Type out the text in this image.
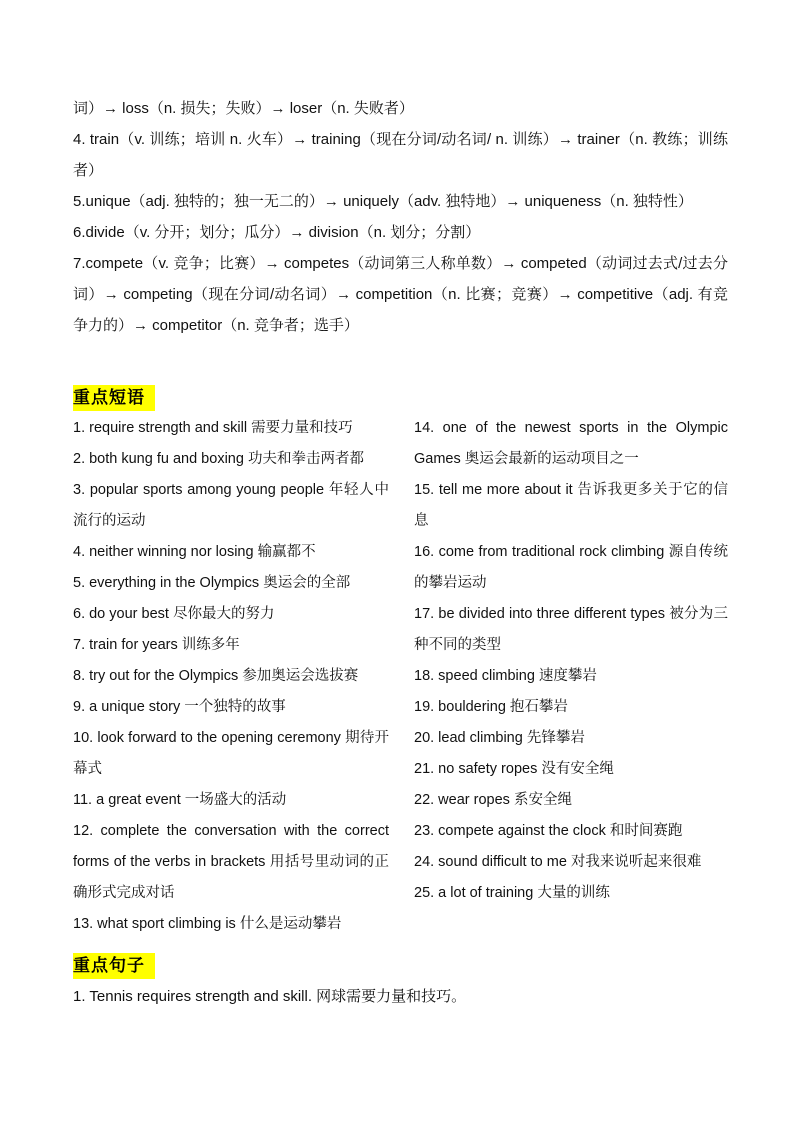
词）→ loss（n. 损失；失败）→ loser（n. 失败者）

4. train（v. 训练；培训 n. 火车）→ training（现在分词/动名词/ n. 训练）→ trainer（n. 教练；训练者）

5.unique（adj. 独特的；独一无二的）→ uniquely（adv. 独特地）→ uniqueness（n. 独特性）

6.divide（v. 分开；划分；瓜分）→ division（n. 划分；分割）

7.compete（v. 竞争；比赛）→ competes（动词第三人称单数）→ competed（动词过去式/过去分词）→ competing（现在分词/动名词）→ competition（n. 比赛；竞赛）→ competitive（adj. 有竞争力的）→ competitor（n. 竞争者；选手）

重点短语

1. require strength and skill 需要力量和技巧

2. both kung fu and boxing 功夫和拳击两者都

3. popular sports among young people 年轻人中流行的运动

4. neither winning nor losing 输赢都不

5. everything in the Olympics 奥运会的全部

6. do your best 尽你最大的努力

7. train for years 训练多年

8. try out for the Olympics 参加奥运会选拔赛

9. a unique story 一个独特的故事

10. look forward to the opening ceremony 期待开幕式

11. a great event 一场盛大的活动

12. complete the conversation with the correct forms of the verbs in brackets 用括号里动词的正确形式完成对话

13. what sport climbing is 什么是运动攀岩

14. one of the newest sports in the Olympic Games 奥运会最新的运动项目之一

15. tell me more about it 告诉我更多关于它的信息

16. come from traditional rock climbing 源自传统的攀岩运动

17. be divided into three different types 被分为三种不同的类型

18. speed climbing 速度攀岩

19. bouldering 抱石攀岩

20. lead climbing 先锋攀岩

21. no safety ropes 没有安全绳

22. wear ropes 系安全绳

23. compete against the clock 和时间赛跑

24. sound difficult to me 对我来说听起来很难

25. a lot of training 大量的训练

重点句子

1. Tennis requires strength and skill. 网球需要力量和技巧。
